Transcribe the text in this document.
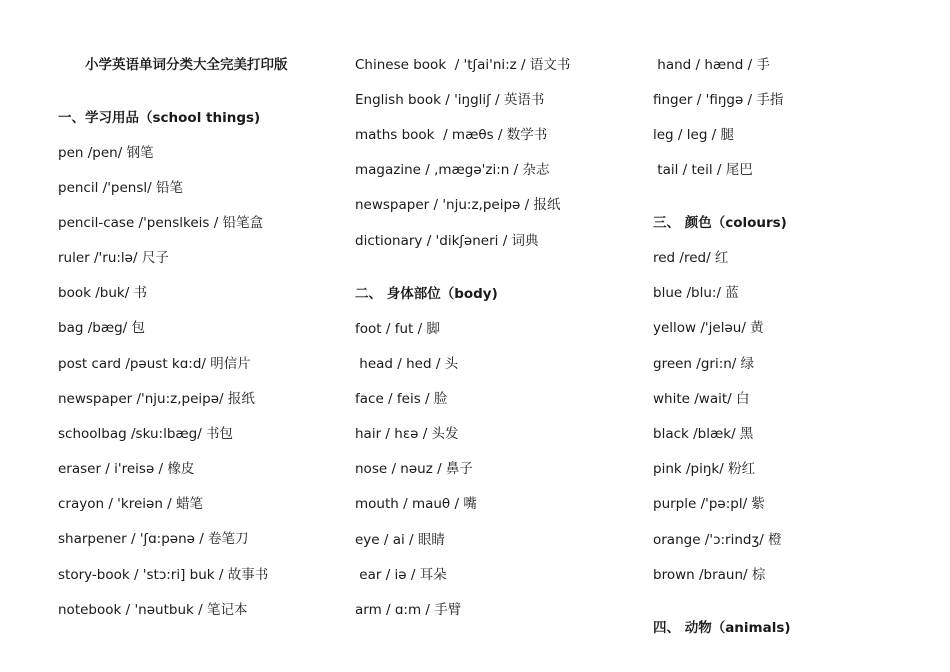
小学英语单词分类大全完美打印版
一、学习用品（school things)
pen /pen/ 钢笔
pencil /'pensl/ 铅笔
pencil-case /'penslkeis / 铅笔盒
ruler /'ru:lə/ 尺子
book /buk/ 书
bag /bæg/ 包
post card /pəust kɑ:d/ 明信片
newspaper /'nju:z,peipə/ 报纸
schoolbag /sku:lbæg/ 书包
eraser / i'reisə / 橡皮
crayon / 'kreiən / 蜡笔
sharpener / 'ʃɑ:pənə / 卷笔刀
story-book / 'stɔ:ri] buk / 故事书
notebook / 'nəutbuk / 笔记本
Chinese book  / 'tʃai'ni:z / 语文书
English book / 'iŋgliʃ / 英语书
maths book  / mæθs / 数学书
magazine / ,mægə'zi:n / 杂志
newspaper / 'nju:z,peipə / 报纸
dictionary / 'dikʃəneri / 词典
二、 身体部位（body)
foot / fut / 脚
head / hed / 头
face / feis / 脸
hair / hɛə / 头发
nose / nəuz / 鼻子
mouth / mauθ / 嘴
eye / ai / 眼睛
ear / iə / 耳朵
arm / ɑ:m / 手臂
hand / hænd / 手
finger / 'fiŋgə / 手指
leg / leg / 腿
tail / teil / 尾巴
三、 颜色（colours)
red /red/ 红
blue /blu:/ 蓝
yellow /'jeləu/ 黄
green /gri:n/ 绿
white /wait/ 白
black /blæk/ 黑
pink /piŋk/ 粉红
purple /'pə:pl/ 紫
orange /'ɔ:rindʒ/ 橙
brown /braun/ 棕
四、 动物（animals)
